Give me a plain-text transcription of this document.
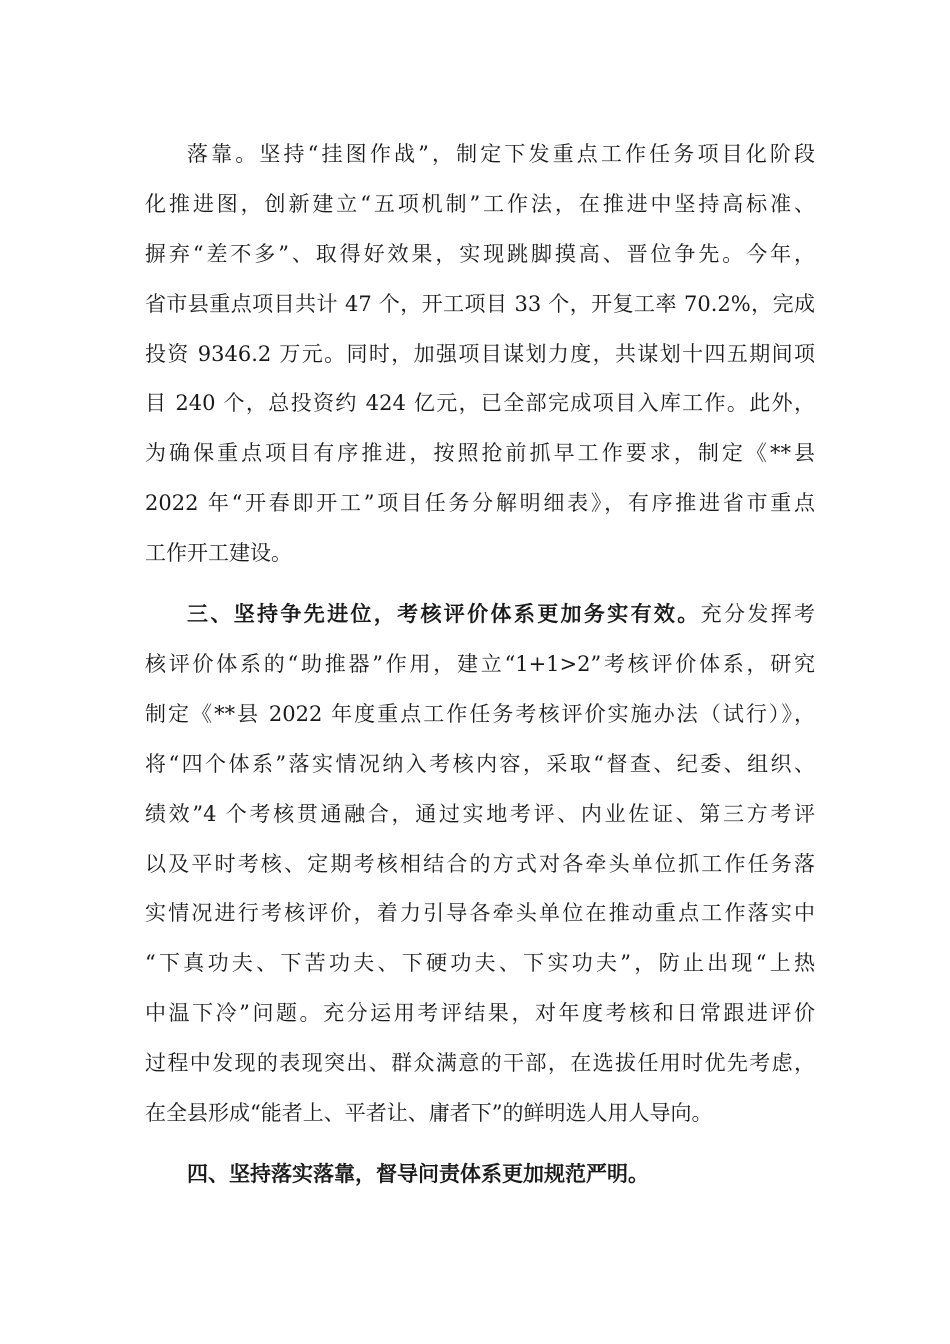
落靠。坚持“挂图作战”，制定下发重点工作任务项目化阶段
化推进图，创新建立“五项机制”工作法，在推进中坚持高标准、
摒弃“差不多”、取得好效果，实现跳脚摸高、晋位争先。今年，
省市县重点项目共计 47 个，开工项目 33 个，开复工率 70.2%，完成
投资 9346.2 万元。同时，加强项目谋划力度，共谋划十四五期间项
目 240 个，总投资约 424 亿元，已全部完成项目入库工作。此外，
为确保重点项目有序推进，按照抢前抓早工作要求，制定《**县
2022 年“开春即开工”项目任务分解明细表》，有序推进省市重点
工作开工建设。
三、坚持争先进位，考核评价体系更加务实有效。充分发挥考
核评价体系的“助推器”作用，建立“1+1>2”考核评价体系，研究
制定《**县 2022 年度重点工作任务考核评价实施办法（试行）》，
将“四个体系”落实情况纳入考核内容，采取“督查、纪委、组织、
绩效”4 个考核贯通融合，通过实地考评、内业佐证、第三方考评
以及平时考核、定期考核相结合的方式对各牵头单位抓工作任务落
实情况进行考核评价，着力引导各牵头单位在推动重点工作落实中
“下真功夫、下苦功夫、下硬功夫、下实功夫”，防止出现“上热
中温下冷”问题。充分运用考评结果，对年度考核和日常跟进评价
过程中发现的表现突出、群众满意的干部，在选拔任用时优先考虑，
在全县形成“能者上、平者让、庸者下”的鲜明选人用人导向。
四、坚持落实落靠，督导问责体系更加规范严明。
